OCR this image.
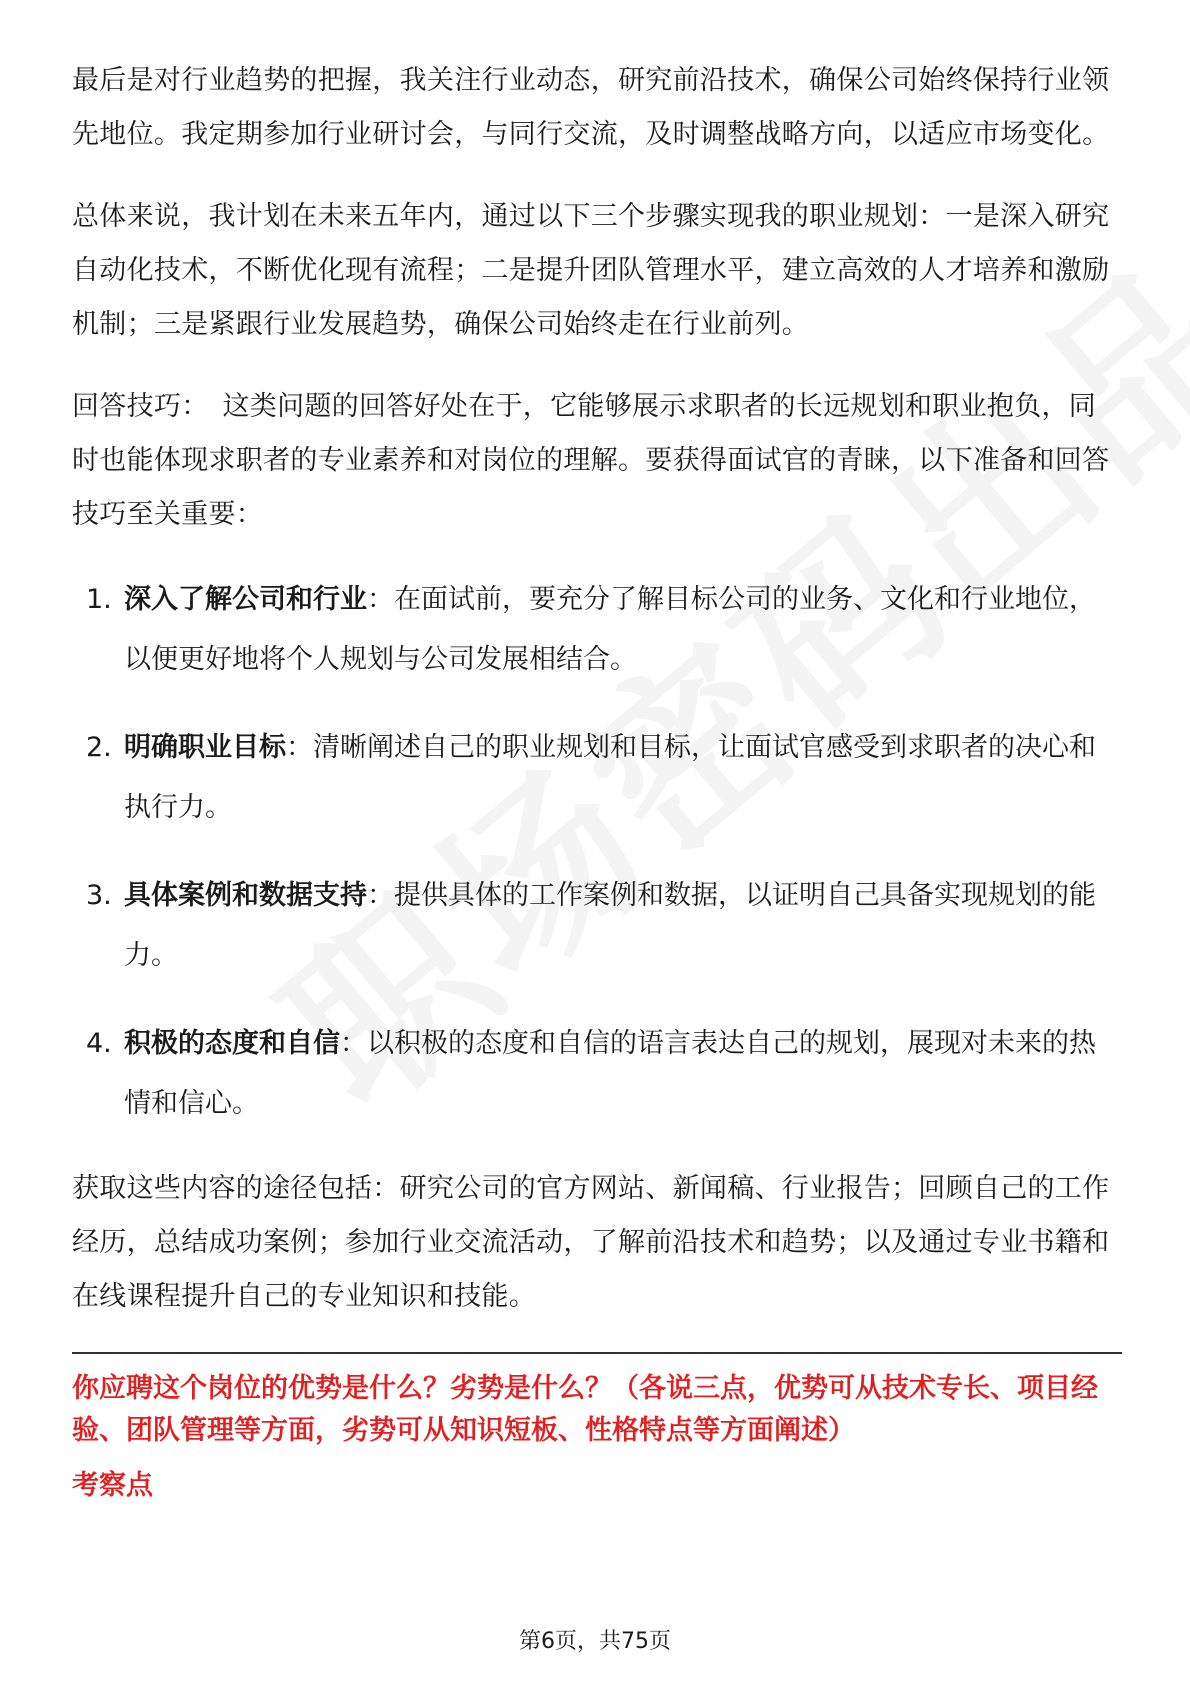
最后是对行业趋势的把握，我关注行业动态，研究前沿技术，确保公司始终保持行业领先地位。我定期参加行业研讨会，与同行交流，及时调整战略方向，以适应市场变化。

总体来说，我计划在未来五年内，通过以下三个步骤实现我的职业规划：一是深入研究自动化技术，不断优化现有流程；二是提升团队管理水平，建立高效的人才培养和激励机制；三是紧跟行业发展趋势，确保公司始终走在行业前列。

回答技巧： 这类问题的回答好处在于，它能够展示求职者的长远规划和职业抱负，同时也能体现求职者的专业素养和对岗位的理解。要获得面试官的青睐，以下准备和回答技巧至关重要：

1. 深入了解公司和行业：在面试前，要充分了解目标公司的业务、文化和行业地位，以便更好地将个人规划与公司发展相结合。
2. 明确职业目标：清晰阐述自己的职业规划和目标，让面试官感受到求职者的决心和执行力。
3. 具体案例和数据支持：提供具体的工作案例和数据，以证明自己具备实现规划的能力。
4. 积极的态度和自信：以积极的态度和自信的语言表达自己的规划，展现对未来的热情和信心。

获取这些内容的途径包括：研究公司的官方网站、新闻稿、行业报告；回顾自己的工作经历，总结成功案例；参加行业交流活动，了解前沿技术和趋势；以及通过专业书籍和在线课程提升自己的专业知识和技能。

你应聘这个岗位的优势是什么？劣势是什么？（各说三点，优势可从技术专长、项目经验、团队管理等方面，劣势可从知识短板、性格特点等方面阐述）

考察点

第6页，共75页
